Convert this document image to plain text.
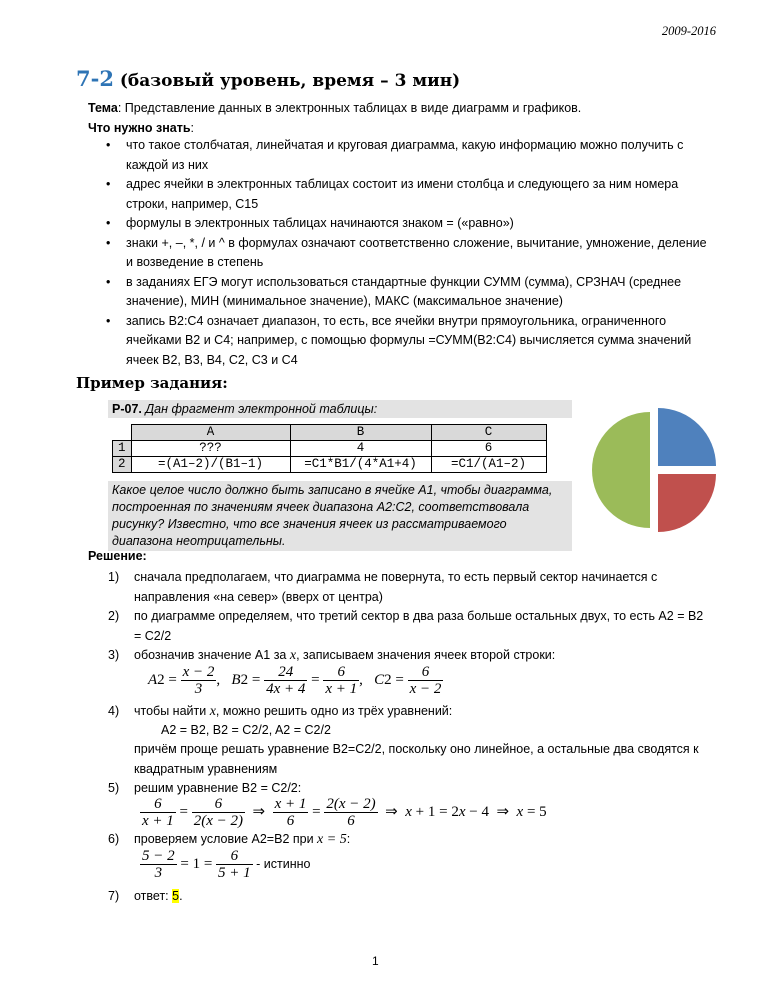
2009-2016
7-2 (базовый уровень, время – 3 мин)
Тема: Представление данных в электронных таблицах в виде диаграмм и графиков.
Что нужно знать:
• что такое столбчатая, линейчатая и круговая диаграмма, какую информацию можно получить с каждой из них
• адрес ячейки в электронных таблицах состоит из имени столбца и следующего за ним номера строки, например, C15
• формулы в электронных таблицах начинаются знаком = («равно»)
• знаки +, –, *, / и ^ в формулах означают соответственно сложение, вычитание, умножение, деление и возведение в степень
• в заданиях ЕГЭ могут использоваться стандартные функции СУММ (сумма), СРЗНАЧ (среднее значение), МИН (минимальное значение), МАКС (максимальное значение)
• запись B2:C4 означает диапазон, то есть, все ячейки внутри прямоугольника, ограниченного ячейками B2 и C4; например, с помощью формулы =СУММ(B2:C4) вычисляется сумма значений ячеек B2, B3, B4, C2, C3 и C4
Пример задания:
P-07. Дан фрагмент электронной таблицы:
	A	B	C
1	???	4	6
2	=(A1–2)/(B1–1)	=C1*B1/(4*A1+4)	=C1/(A1–2)
Какое целое число должно быть записано в ячейке A1, чтобы диаграмма, построенная по значениям ячеек диапазона A2:C2, соответствовала рисунку? Известно, что все значения ячеек из рассматриваемого диапазона неотрицательны.
Решение:
1) сначала предполагаем, что диаграмма не повернута, то есть первый сектор начинается с направления «на север» (вверх от центра)
2) по диаграмме определяем, что третий сектор в два раза больше остальных двух, то есть A2 = B2 = C2/2
3) обозначив значение A1 за x, записываем значения ячеек второй строки:
$A2 = \frac{x - 2}{3}$ ,   $B2 = \frac{24}{4x + 4} = \frac{6}{x + 1}$ ,   $C2 = \frac{6}{x - 2}$
4) чтобы найти x, можно решить одно из трёх уравнений:
A2 = B2, B2 = C2/2, A2 = C2/2
причём проще решать уравнение B2=C2/2, поскольку оно линейное, а остальные два сводятся к квадратным уравнениям
5) решим уравнение B2 = C2/2:
$\frac{6}{x + 1} = \frac{6}{2(x - 2)}$ ⇒ $\frac{x + 1}{6} = \frac{2(x - 2)}{6}$ ⇒  x + 1 = 2x − 4  ⇒  x = 5
6) проверяем условие A2=B2 при x = 5:
$\frac{5 - 2}{3} = 1 = \frac{6}{5 + 1}$ - истинно
7) ответ: 5.
1
